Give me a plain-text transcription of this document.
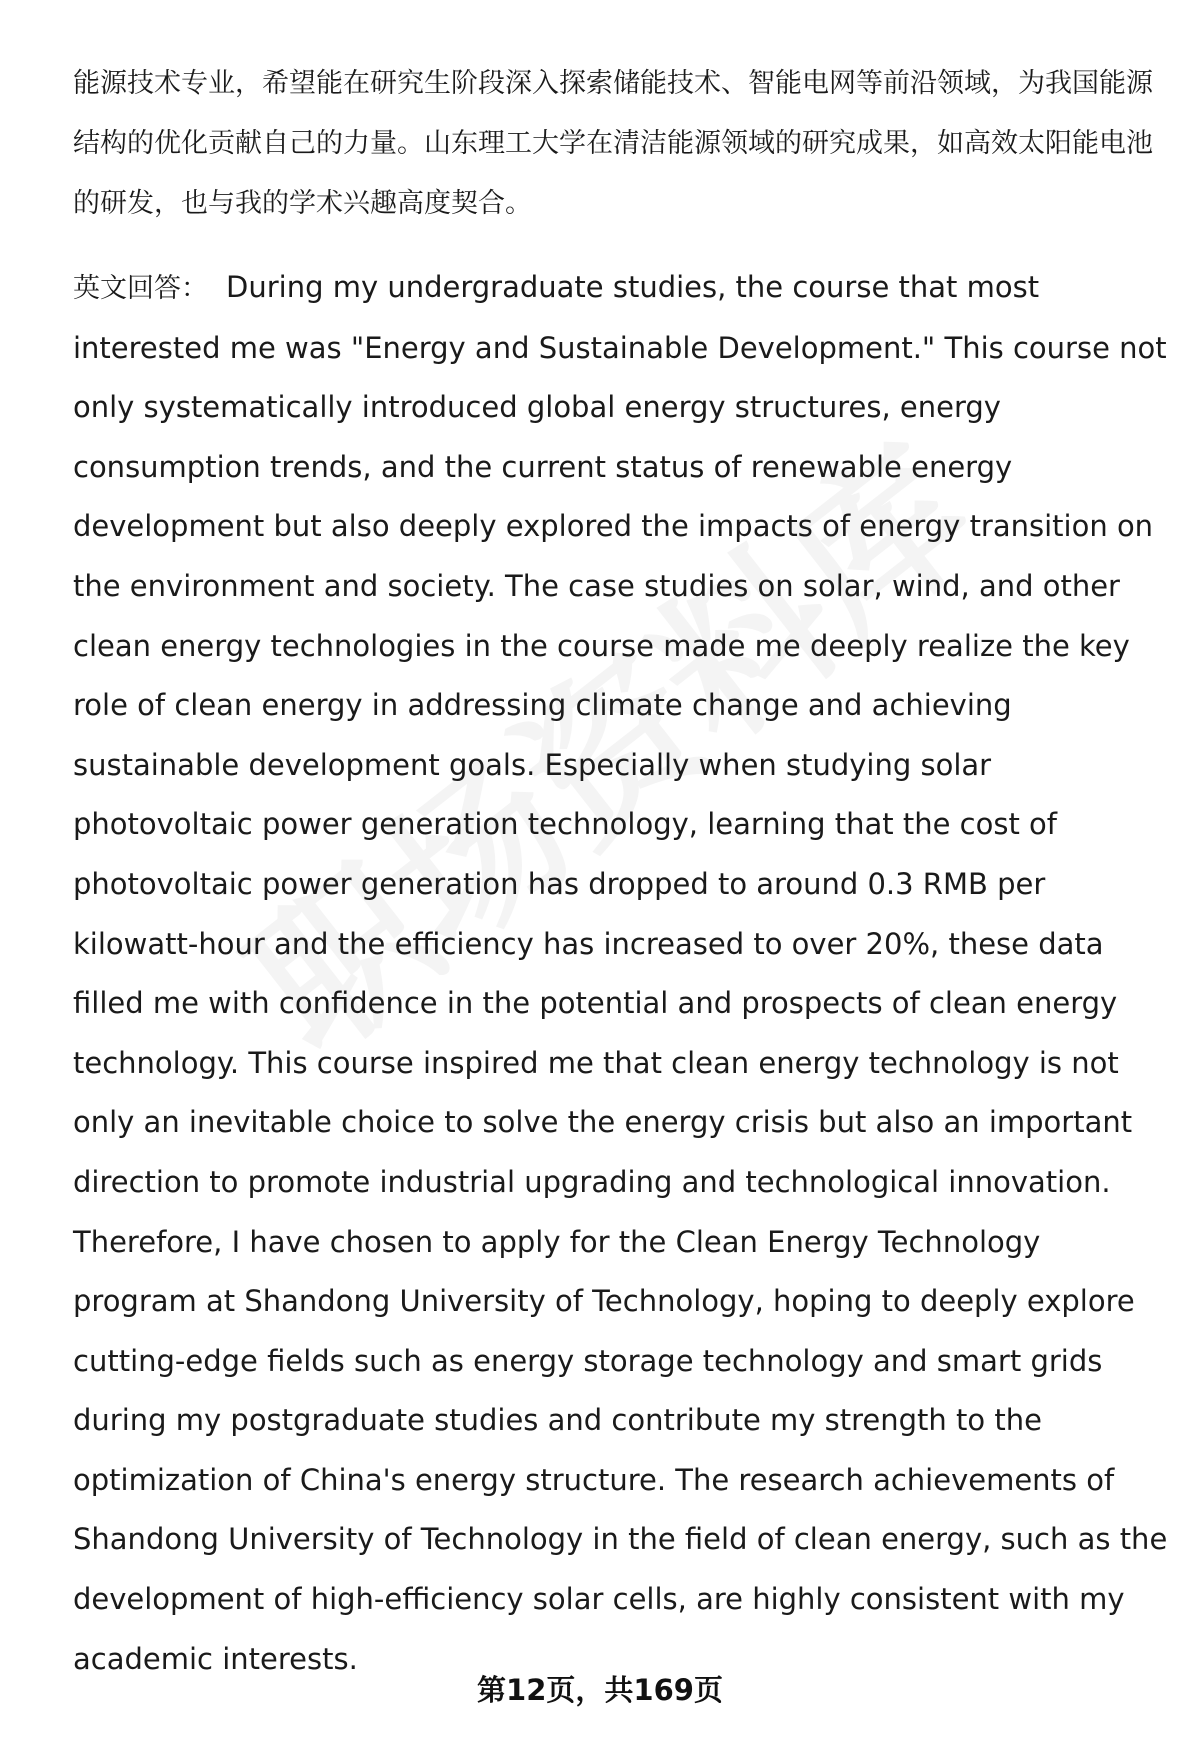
能源技术专业，希望能在研究生阶段深入探索储能技术、智能电网等前沿领域，为我国能源结构的优化贡献自己的力量。山东理工大学在清洁能源领域的研究成果，如高效太阳能电池的研发，也与我的学术兴趣高度契合。

英文回答： During my undergraduate studies, the course that most interested me was "Energy and Sustainable Development." This course not only systematically introduced global energy structures, energy consumption trends, and the current status of renewable energy development but also deeply explored the impacts of energy transition on the environment and society. The case studies on solar, wind, and other clean energy technologies in the course made me deeply realize the key role of clean energy in addressing climate change and achieving sustainable development goals. Especially when studying solar photovoltaic power generation technology, learning that the cost of photovoltaic power generation has dropped to around 0.3 RMB per kilowatt-hour and the efficiency has increased to over 20%, these data filled me with confidence in the potential and prospects of clean energy technology. This course inspired me that clean energy technology is not only an inevitable choice to solve the energy crisis but also an important direction to promote industrial upgrading and technological innovation. Therefore, I have chosen to apply for the Clean Energy Technology program at Shandong University of Technology, hoping to deeply explore cutting-edge fields such as energy storage technology and smart grids during my postgraduate studies and contribute my strength to the optimization of China's energy structure. The research achievements of Shandong University of Technology in the field of clean energy, such as the development of high-efficiency solar cells, are highly consistent with my academic interests.

第12页，共169页
